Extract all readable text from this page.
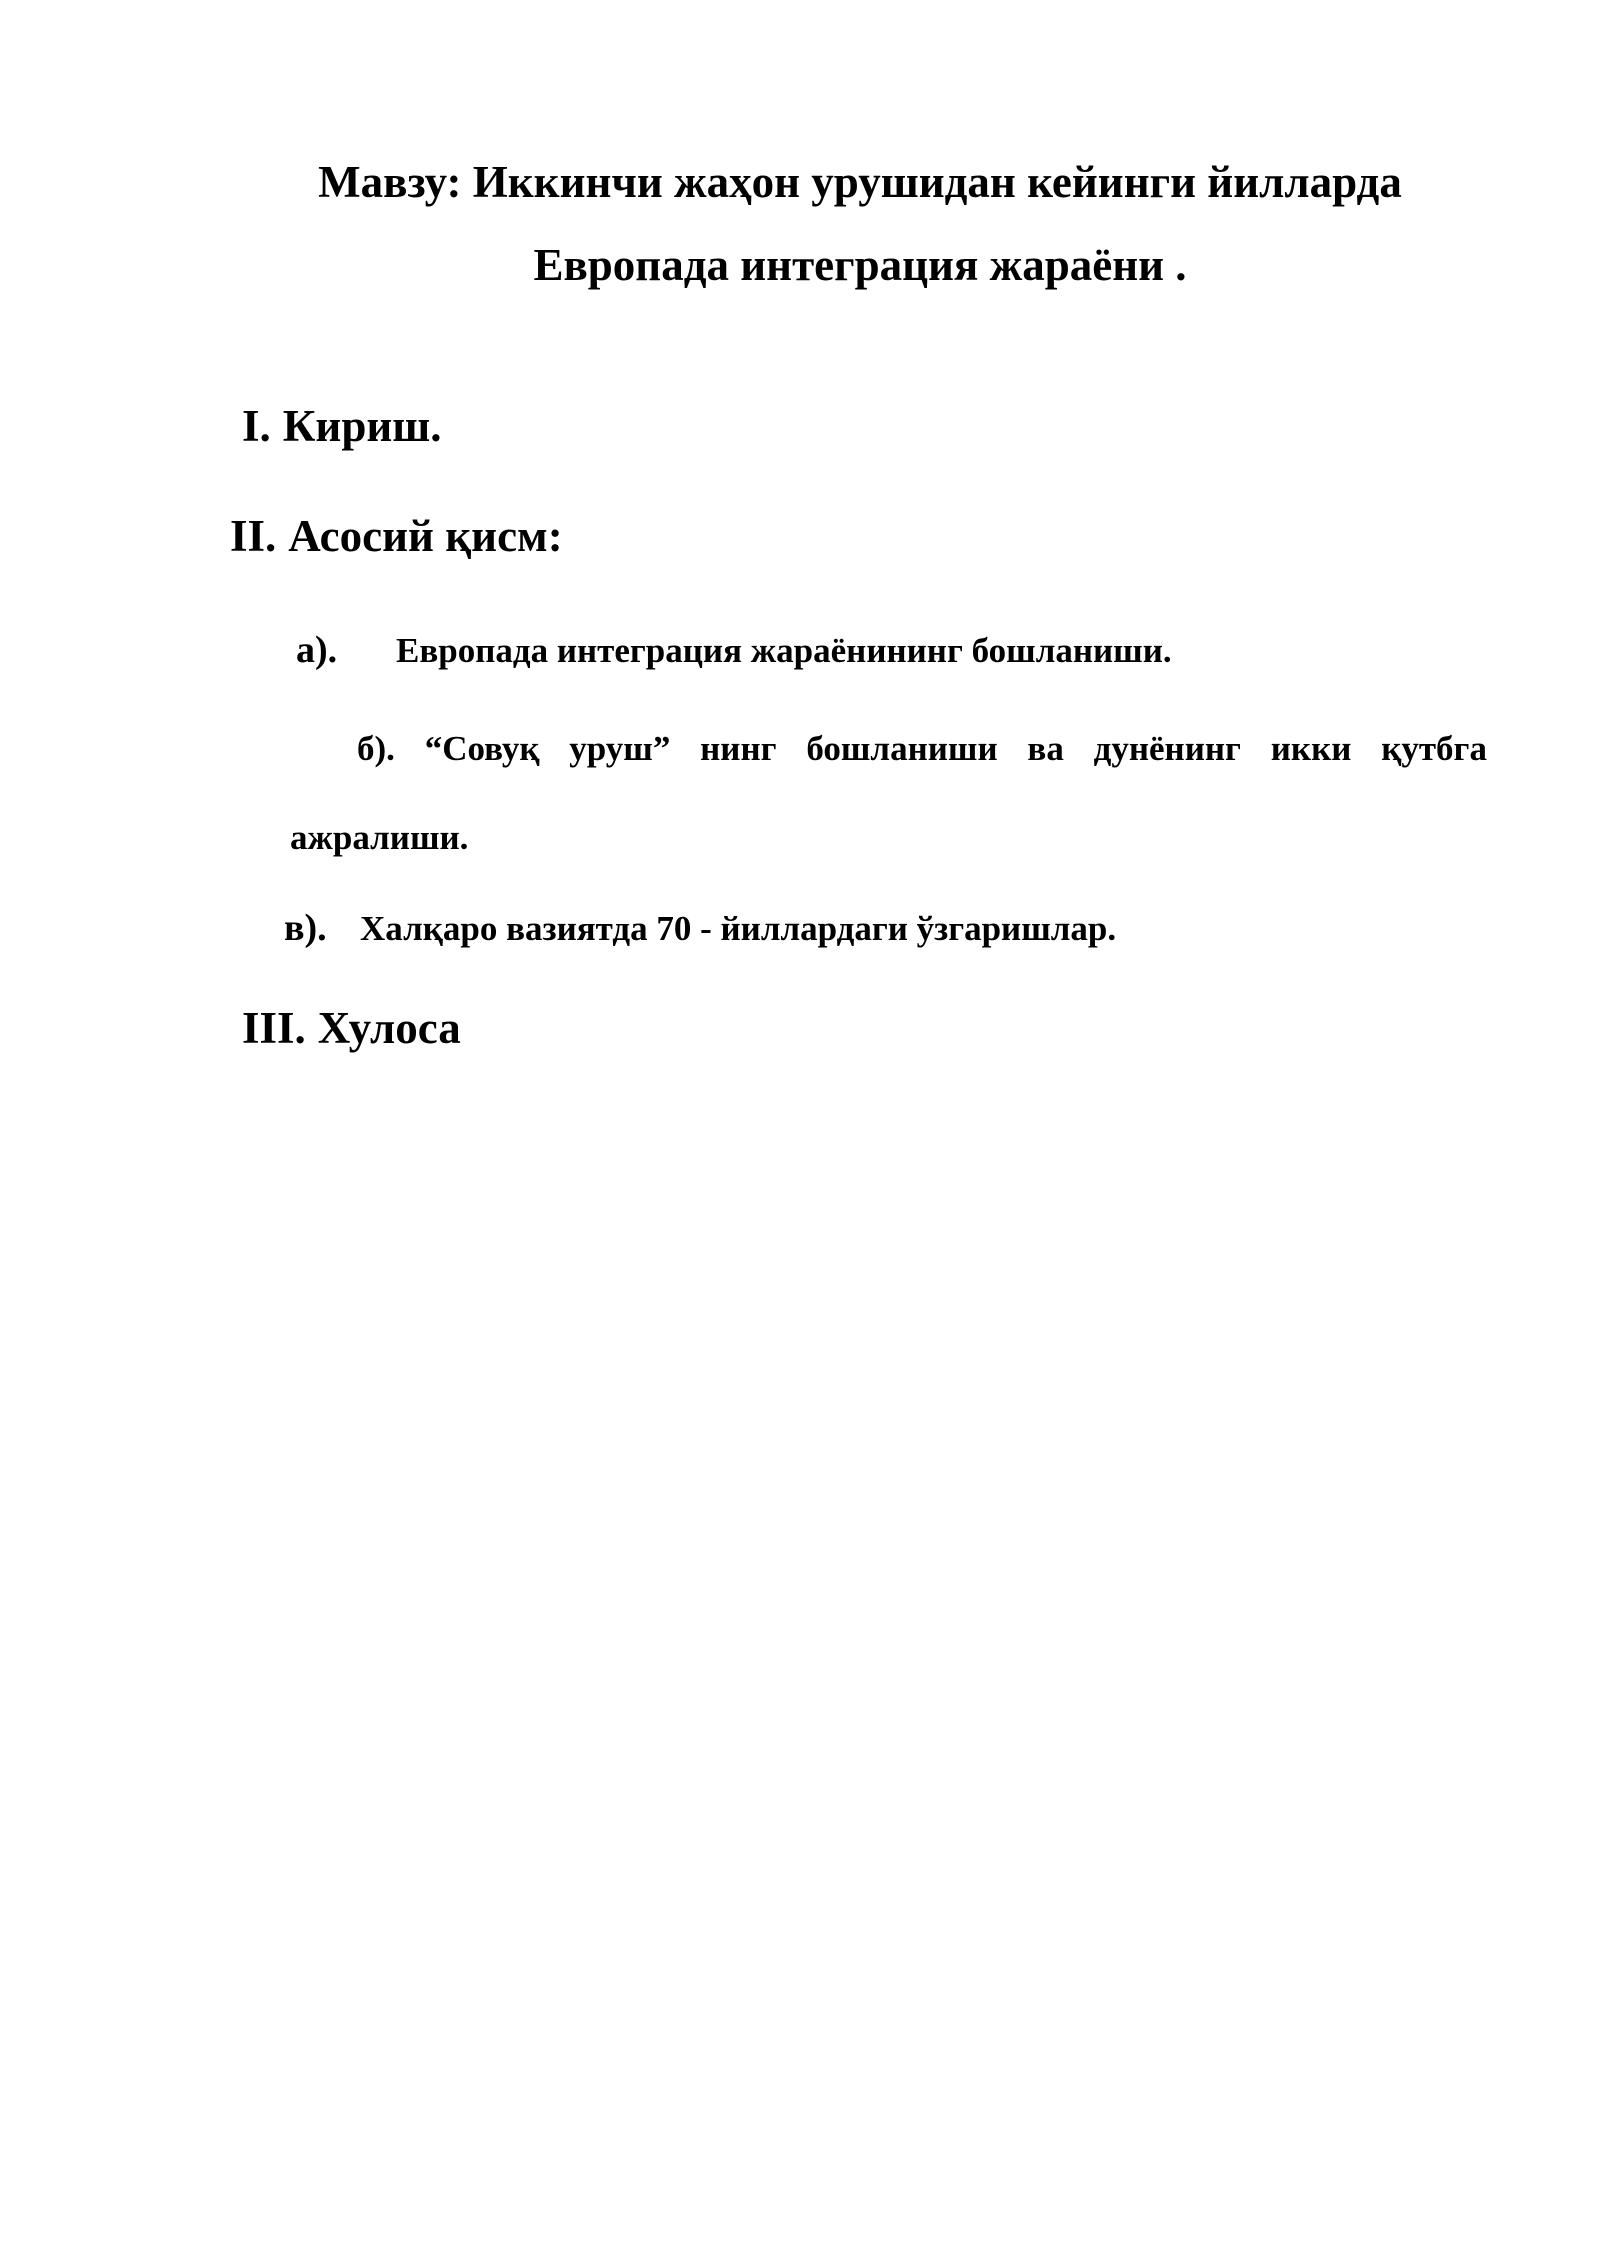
Мавзу: Иккинчи жаҳон урушидан кейинги йилларда
Европада интеграция жараёни .
I. Кириш.
II. Асосий қисм:
а). Европада интеграция жараёнининг бошланиши.
б). “Совуқ уруш” нинг бошланиши ва дунёнинг икки қутбга
ажралиши.
в). Халқаро вазиятда 70 - йиллардаги ўзгаришлар.
III. Хулоса
